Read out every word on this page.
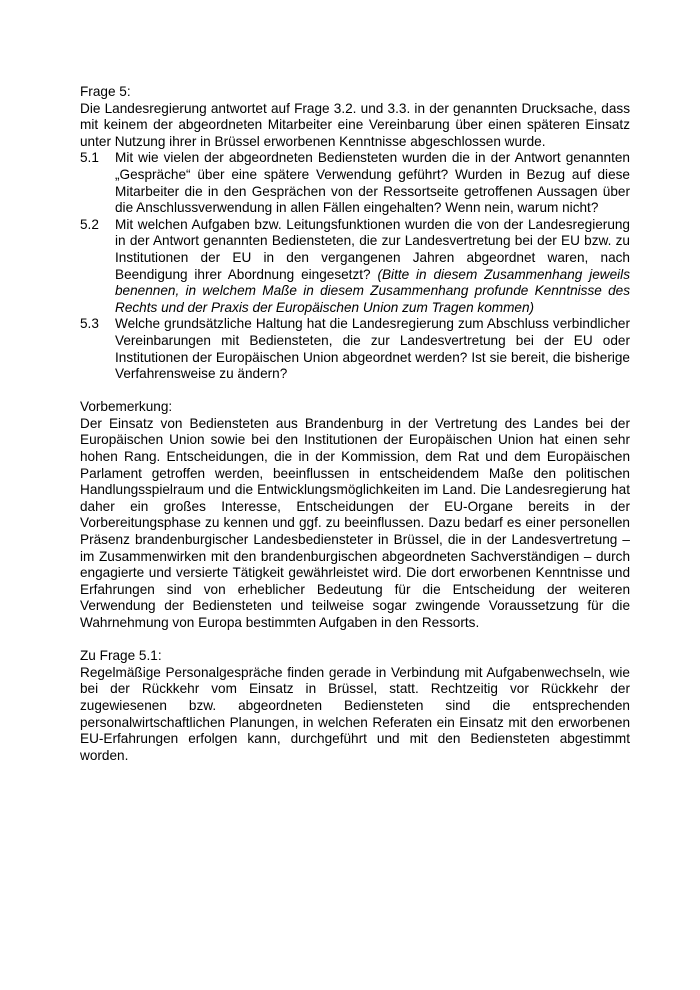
Frage 5:

Die Landesregierung antwortet auf Frage 3.2. und 3.3. in der genannten Drucksache, dass mit keinem der abgeordneten Mitarbeiter eine Vereinbarung über einen späteren Einsatz unter Nutzung ihrer in Brüssel erworbenen Kenntnisse abgeschlossen wurde.

5.1	Mit wie vielen der abgeordneten Bediensteten wurden die in der Antwort genannten „Gespräche“ über eine spätere Verwendung geführt? Wurden in Bezug auf diese Mitarbeiter die in den Gesprächen von der Ressortseite getroffenen Aussagen über die Anschlussverwendung in allen Fällen eingehalten? Wenn nein, warum nicht?
5.2	Mit welchen Aufgaben bzw. Leitungsfunktionen wurden die von der Landesregierung in der Antwort genannten Bediensteten, die zur Landesvertretung bei der EU bzw. zu Institutionen der EU in den vergangenen Jahren abgeordnet waren, nach Beendigung ihrer Abordnung eingesetzt? (Bitte in diesem Zusammenhang jeweils benennen, in welchem Maße in diesem Zusammenhang profunde Kenntnisse des Rechts und der Praxis der Europäischen Union zum Tragen kommen)
5.3	Welche grundsätzliche Haltung hat die Landesregierung zum Abschluss verbindlicher Vereinbarungen mit Bediensteten, die zur Landesvertretung bei der EU oder Institutionen der Europäischen Union abgeordnet werden? Ist sie bereit, die bisherige Verfahrensweise zu ändern?

Vorbemerkung:

Der Einsatz von Bediensteten aus Brandenburg in der Vertretung des Landes bei der Europäischen Union sowie bei den Institutionen der Europäischen Union hat einen sehr hohen Rang. Entscheidungen, die in der Kommission, dem Rat und dem Europäischen Parlament getroffen werden, beeinflussen in entscheidendem Maße den politischen Handlungsspielraum und die Entwicklungsmöglichkeiten im Land. Die Landesregierung hat daher ein großes Interesse, Entscheidungen der EU-Organe bereits in der Vorbereitungsphase zu kennen und ggf. zu beeinflussen. Dazu bedarf es einer personellen Präsenz brandenburgischer Landesbediensteter in Brüssel, die in der Landesvertretung – im Zusammenwirken mit den brandenburgischen abgeordneten Sachverständigen – durch engagierte und versierte Tätigkeit gewährleistet wird. Die dort erworbenen Kenntnisse und Erfahrungen sind von erheblicher Bedeutung für die Entscheidung der weiteren Verwendung der Bediensteten und teilweise sogar zwingende Voraussetzung für die Wahrnehmung von Europa bestimmten Aufgaben in den Ressorts.

Zu Frage 5.1:

Regelmäßige Personalgespräche finden gerade in Verbindung mit Aufgabenwechseln, wie bei der Rückkehr vom Einsatz in Brüssel, statt. Rechtzeitig vor Rückkehr der zugewiesenen bzw. abgeordneten Bediensteten sind die entsprechenden personalwirtschaftlichen Planungen, in welchen Referaten ein Einsatz mit den erworbenen EU-Erfahrungen erfolgen kann, durchgeführt und mit den Bediensteten abgestimmt worden.
